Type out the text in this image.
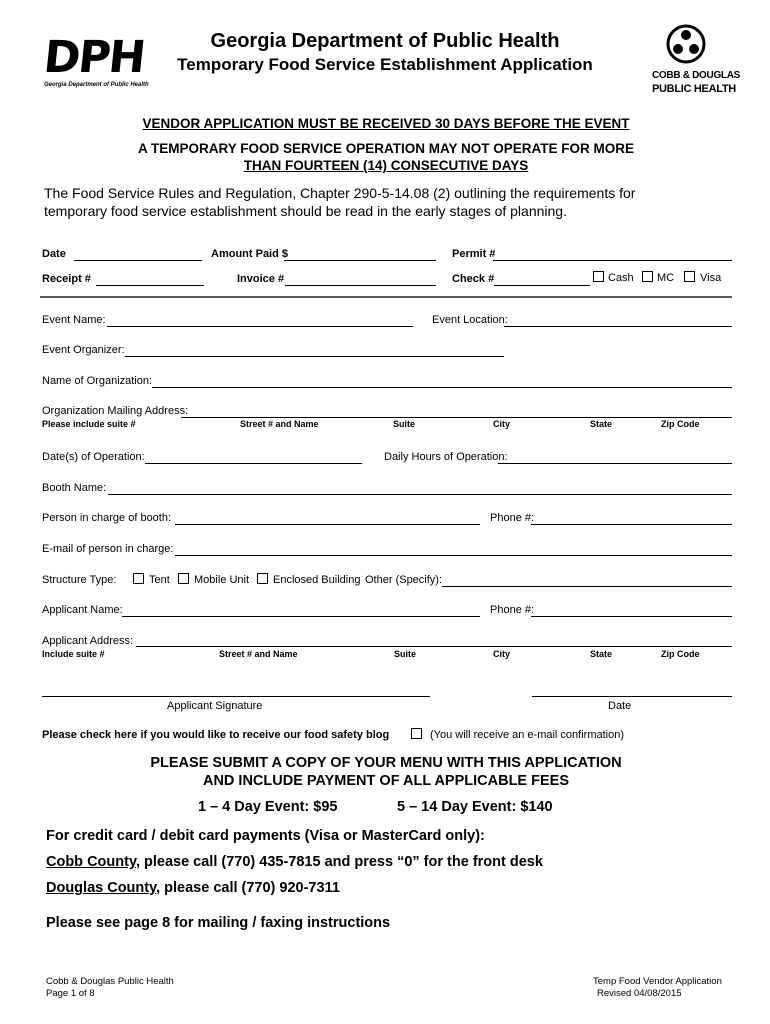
DPH
Georgia Department of Public Health
Georgia Department of Public Health
Temporary Food Service Establishment Application
COBB & DOUGLAS
PUBLIC HEALTH
VENDOR APPLICATION MUST BE RECEIVED 30 DAYS BEFORE THE EVENT
A TEMPORARY FOOD SERVICE OPERATION MAY NOT OPERATE FOR MORE
THAN FOURTEEN (14) CONSECUTIVE DAYS
The Food Service Rules and Regulation, Chapter 290-5-14.08 (2) outlining the requirements for
temporary food service establishment should be read in the early stages of planning.
Date	Amount Paid $	Permit #
Receipt #	Invoice #	Check #	Cash MC Visa
Event Name:	Event Location:
Event Organizer:
Name of Organization:
Organization Mailing Address:
Please include suite #	Street # and Name	Suite	City	State	Zip Code
Date(s) of Operation:	Daily Hours of Operation:
Booth Name:
Person in charge of booth:	Phone #:
E-mail of person in charge:
Structure Type:	Tent Mobile Unit Enclosed Building Other (Specify):
Applicant Name:	Phone #:
Applicant Address:
Include suite #	Street # and Name	Suite	City	State	Zip Code
Applicant Signature	Date
Please check here if you would like to receive our food safety blog	(You will receive an e-mail confirmation)
PLEASE SUBMIT A COPY OF YOUR MENU WITH THIS APPLICATION
AND INCLUDE PAYMENT OF ALL APPLICABLE FEES
1 – 4 Day Event: $95	5 – 14 Day Event: $140
For credit card / debit card payments (Visa or MasterCard only):
Cobb County, please call (770) 435-7815 and press “0” for the front desk
Douglas County, please call (770) 920-7311
Please see page 8 for mailing / faxing instructions
Cobb & Douglas Public Health
Page 1 of 8
Temp Food Vendor Application
Revised 04/08/2015
